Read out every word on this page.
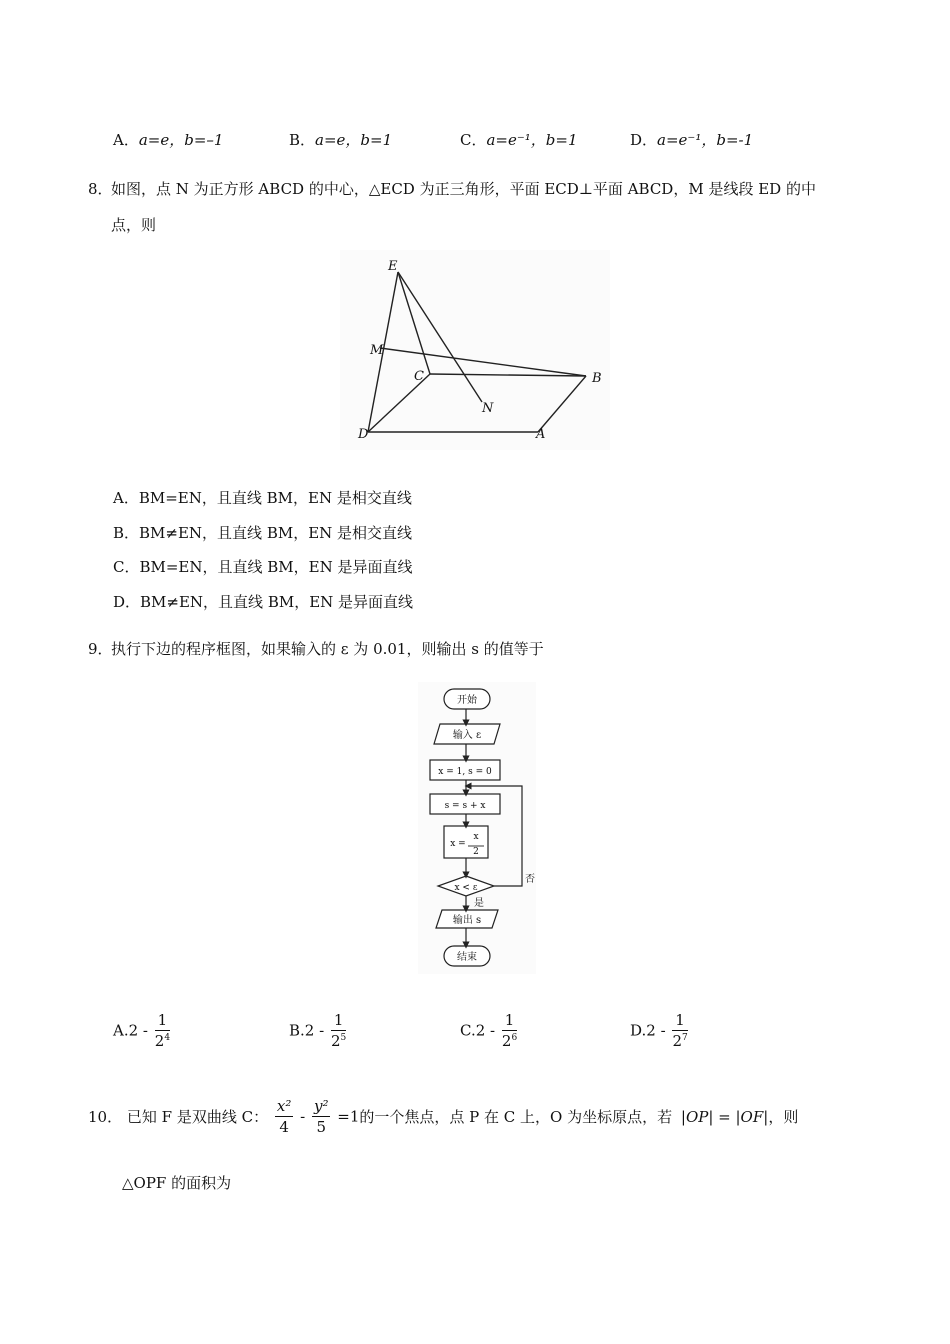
A．a=e，b=–1	B．a=e，b=1	C．a=e⁻¹，b=1	D．a=e⁻¹，b=-1
8．
如图，点 N 为正方形 ABCD 的中心，△ECD 为正三角形，平面 ECD⊥平面 ABCD，M 是线段 ED 的中
点，则
E
M
C	B
N
D	A
A．BM=EN，且直线 BM，EN 是相交直线
B．BM≠EN，且直线 BM，EN 是相交直线
C．BM=EN，且直线 BM，EN 是异面直线
D．BM≠EN，且直线 BM，EN 是异面直线
9．
执行下边的程序框图，如果输入的 ε 为 0.01，则输出 s 的值等于
开始
输入 ε
x = 1, s = 0
s = s + x
x =
x
2
x < ε
否
是
输出 s
结束
$A.2 - \frac{1}{2^4}$	$B.2 - \frac{1}{2^5}$	$C.2 - \frac{1}{2^6}$	$D.2 - \frac{1}{2^7}$
10． 已知 F 是双曲线 C： $\frac{\text{x²}}{4} - \frac{\text{y²}}{5} =1$的一个焦点，点 P 在 C 上，O 为坐标原点，若 |OP| = |OF|，则
△OPF 的面积为
